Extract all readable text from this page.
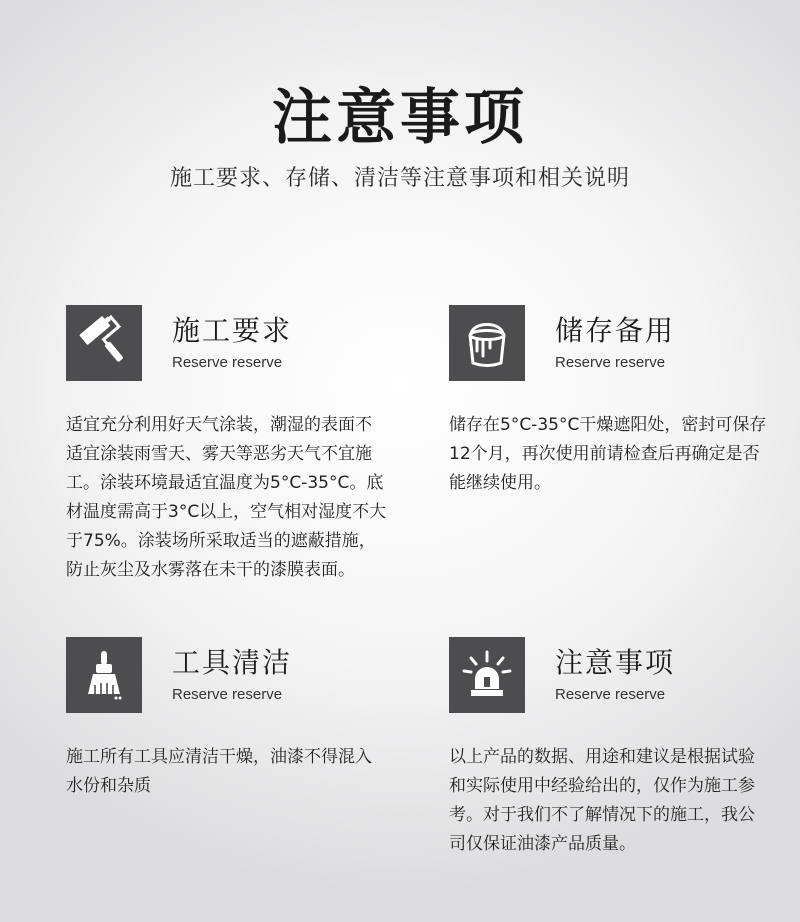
注意事项
施工要求、存储、清洁等注意事项和相关说明
施工要求
Reserve reserve
适宜充分利用好天气涂装，潮湿的表面不适宜涂装雨雪天、雾天等恶劣天气不宜施工。涂装环境最适宜温度为5°C-35°C。底材温度需高于3°C以上，空气相对湿度不大于75%。涂装场所采取适当的遮蔽措施，防止灰尘及水雾落在未干的漆膜表面。
储存备用
Reserve reserve
储存在5°C-35°C干燥遮阳处，密封可保存12个月，再次使用前请检查后再确定是否能继续使用。
工具清洁
Reserve reserve
施工所有工具应清洁干燥，油漆不得混入水份和杂质
注意事项
Reserve reserve
以上产品的数据、用途和建议是根据试验和实际使用中经验给出的，仅作为施工参考。对于我们不了解情况下的施工，我公司仅保证油漆产品质量。
